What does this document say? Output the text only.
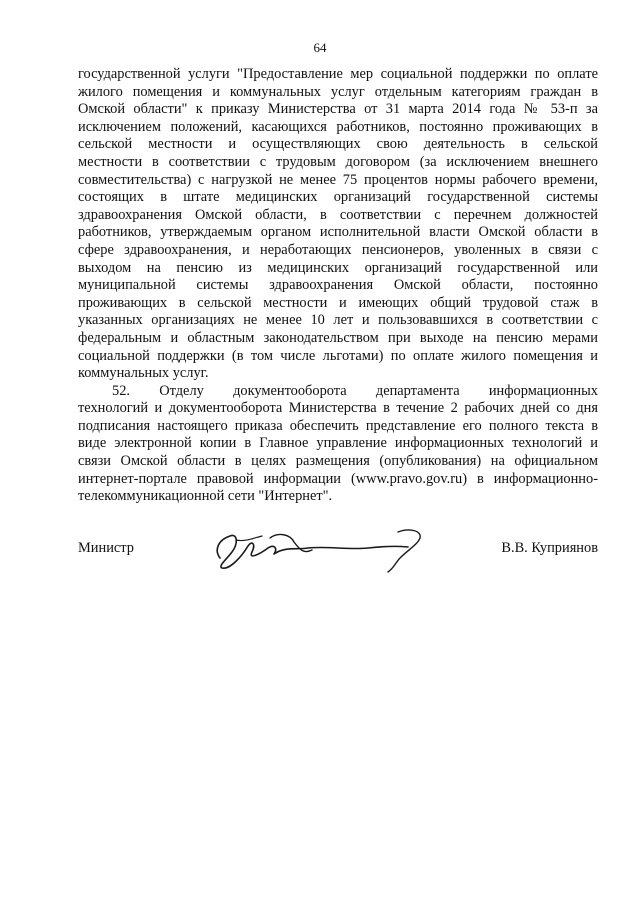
64
государственной услуги "Предоставление мер социальной поддержки по оплате
жилого помещения и коммунальных услуг отдельным категориям граждан в
Омской области" к приказу Министерства от 31 марта 2014 года № 53-п за
исключением положений, касающихся работников, постоянно проживающих в
сельской местности и осуществляющих свою деятельность в сельской
местности в соответствии с трудовым договором (за исключением внешнего
совместительства) с нагрузкой не менее 75 процентов нормы рабочего времени,
состоящих в штате медицинских организаций государственной системы
здравоохранения Омской области, в соответствии с перечнем должностей
работников, утверждаемым органом исполнительной власти Омской области в
сфере здравоохранения, и неработающих пенсионеров, уволенных в связи с
выходом на пенсию из медицинских организаций государственной или
муниципальной системы здравоохранения Омской области, постоянно
проживающих в сельской местности и имеющих общий трудовой стаж в
указанных организациях не менее 10 лет и пользовавшихся в соответствии с
федеральным и областным законодательством при выходе на пенсию мерами
социальной поддержки (в том числе льготами) по оплате жилого помещения и
коммунальных услуг.
52. Отделу документооборота департамента информационных
технологий и документооборота Министерства в течение 2 рабочих дней со дня
подписания настоящего приказа обеспечить представление его полного текста в
виде электронной копии в Главное управление информационных технологий и
связи Омской области в целях размещения (опубликования) на официальном
интернет-портале правовой информации (www.pravo.gov.ru) в информационно-
телекоммуникационной сети "Интернет".
Министр	В.В. Куприянов
